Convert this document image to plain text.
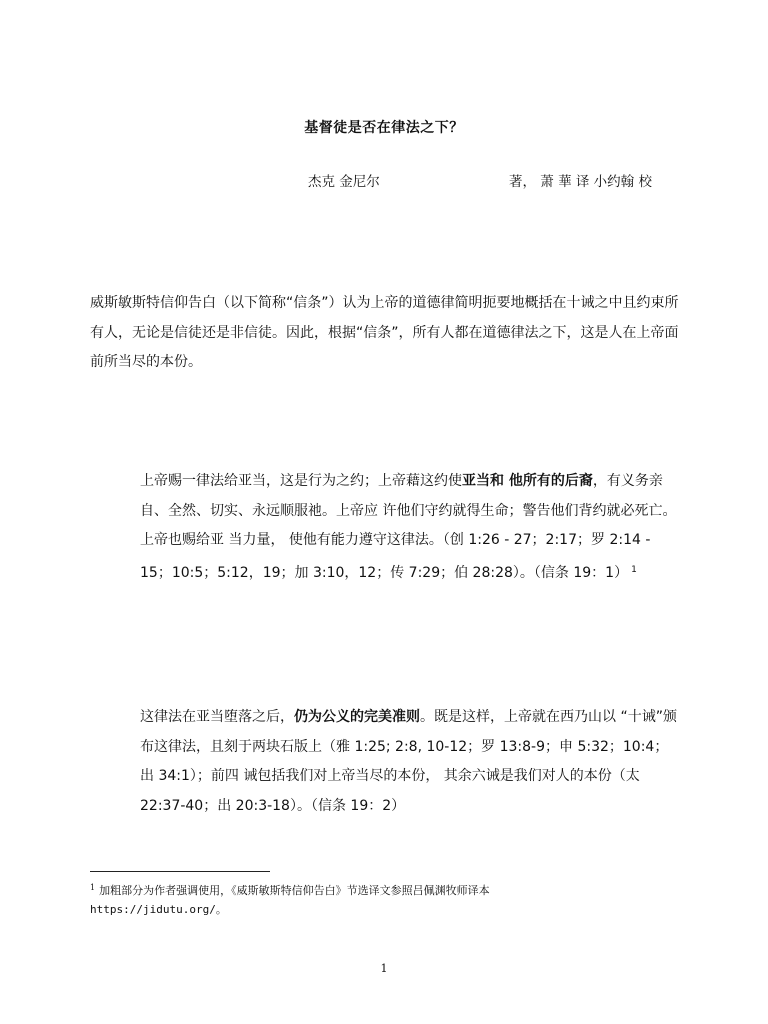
基督徒是否在律法之下？
杰克 金尼尔	著， 萧 華 译 小约翰 校

威斯敏斯特信仰告白（以下简称“信条”）认为上帝的道德律简明扼要地概括在十诫之中且约束所有人，无论是信徒还是非信徒。因此，根据“信条”，所有人都在道德律法之下，这是人在上帝面前所当尽的本份。

上帝赐一律法给亚当，这是行为之约；上帝藉这约使亚当和 他所有的后裔，有义务亲自、全然、切实、永远顺服祂。上帝应 许他们守约就得生命；警告他们背约就必死亡。 上帝也赐给亚 当力量， 使他有能力遵守这律法。（创 1:26 - 27；2:17；罗 2:14 - 15；10:5；5:12，19；加 3:10，12；传 7:29；伯 28:28）。（信条 19：1） $^1$

这律法在亚当堕落之后，仍为公义的完美准则。既是这样，上帝就在西乃山以 “十诫”颁布这律法，且刻于两块石版上（雅 1:25; 2:8, 10-12；罗 13:8-9；申 5:32；10:4；出 34:1）；前四 诫包括我们对上帝当尽的本份， 其余六诫是我们对人的本份（太 22:37-40；出 20:3-18）。（信条 19：2）

$^1$ 加粗部分为作者强调使用，《威斯敏斯特信仰告白》节选译文参照吕佩渊牧师译本
https://jidutu.org/。
1
